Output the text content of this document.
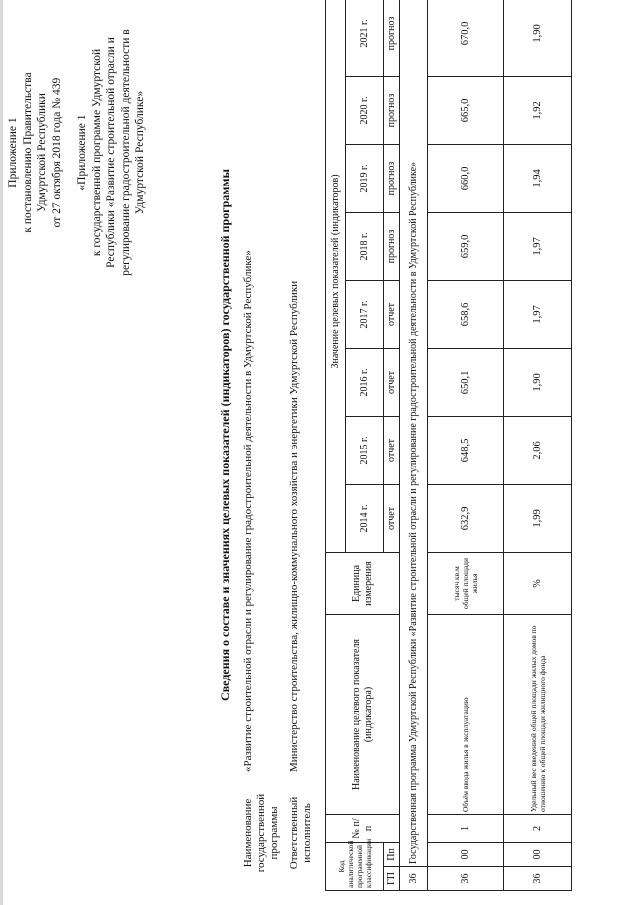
Приложение 1 к постановлению Правительства Удмуртской Республики от 27 октября 2018 года № 439 «Приложение 1 к государственной программе Удмуртской Республики «Развитие строительной отрасли и регулирование градостроительной деятельности в Удмуртской Республике»
Сведения о составе и значениях целевых показателей (индикаторов) государственной программы
Наименование государственной программы
«Развитие строительной отрасли и регулирование градостроительной деятельности в Удмуртской Республике»
Ответственный исполнитель
Министерство строительства, жилищно-коммунального хозяйства и энергетики Удмуртской Республики
Код аналитической программной классификации		№ п/п	Наименование целевого показателя (индикатора)	Единица измерения	Значение целевых показателей (индикаторов)							
					2014 г.	2015 г.	2016 г.	2017 г.	2018 г.	2019 г.	2020 г.	2021 г.
ГП	Пп				отчет	отчет	отчет	отчет	прогноз	прогноз	прогноз	прогноз
36	Государственная программа Удмуртской Республики «Развитие строительной отрасли и регулирование градостроительной деятельности в Удмуртской Республике»											
36	00	1	Объём ввода жилья в эксплуатацию	тысяч кв.м общей площади жилья	632,9	648,5	650,1	658,6	659,0	660,0	665,0	670,0
36	00	2	Удельный вес введенной общей площади жилых домов по отношению к общей площади жилищного фонда	%	1,99	2,06	1,90	1,97	1,97	1,94	1,92	1,90
